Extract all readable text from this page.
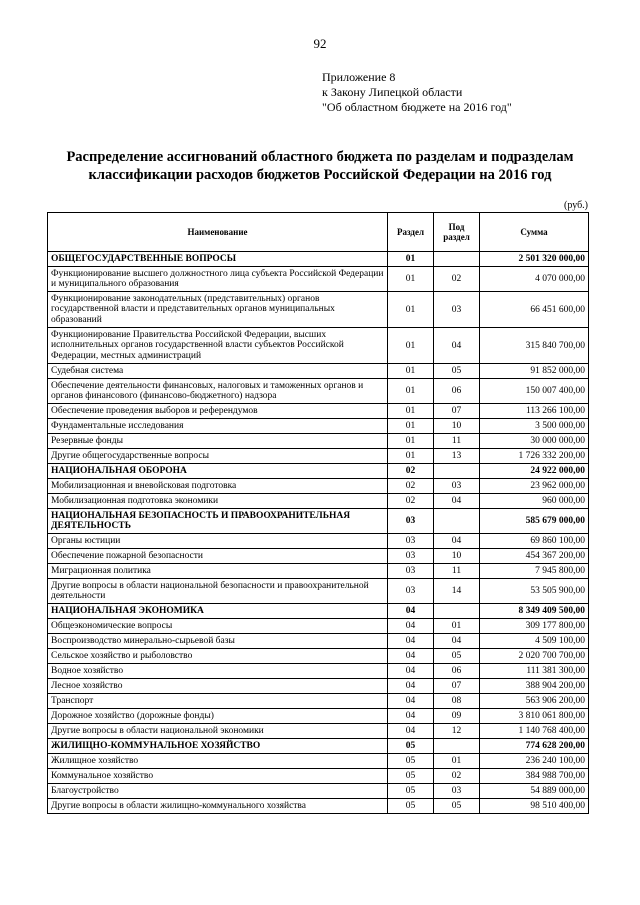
92
Приложение 8
к Закону Липецкой области
"Об областном бюджете на 2016 год"
Распределение ассигнований областного бюджета по разделам и подразделам
классификации расходов бюджетов Российской Федерации на 2016 год
(руб.)
Наименование	Раздел	Под раздел	Сумма
ОБЩЕГОСУДАРСТВЕННЫЕ ВОПРОСЫ	01		2 501 320 000,00
Функционирование высшего должностного лица субъекта Российской Федерации и муниципального образования	01	02	4 070 000,00
Функционирование законодательных (представительных) органов государственной власти и представительных органов муниципальных образований	01	03	66 451 600,00
Функционирование Правительства Российской Федерации, высших исполнительных органов государственной власти субъектов Российской Федерации, местных администраций	01	04	315 840 700,00
Судебная система	01	05	91 852 000,00
Обеспечение деятельности финансовых, налоговых и таможенных органов и органов финансового (финансово-бюджетного) надзора	01	06	150 007 400,00
Обеспечение проведения выборов и референдумов	01	07	113 266 100,00
Фундаментальные исследования	01	10	3 500 000,00
Резервные фонды	01	11	30 000 000,00
Другие общегосударственные вопросы	01	13	1 726 332 200,00
НАЦИОНАЛЬНАЯ ОБОРОНА	02		24 922 000,00
Мобилизационная и вневойсковая подготовка	02	03	23 962 000,00
Мобилизационная подготовка экономики	02	04	960 000,00
НАЦИОНАЛЬНАЯ БЕЗОПАСНОСТЬ И ПРАВООХРАНИТЕЛЬНАЯ ДЕЯТЕЛЬНОСТЬ	03		585 679 000,00
Органы юстиции	03	04	69 860 100,00
Обеспечение пожарной безопасности	03	10	454 367 200,00
Миграционная политика	03	11	7 945 800,00
Другие вопросы в области национальной безопасности и правоохранительной деятельности	03	14	53 505 900,00
НАЦИОНАЛЬНАЯ ЭКОНОМИКА	04		8 349 409 500,00
Общеэкономические вопросы	04	01	309 177 800,00
Воспроизводство минерально-сырьевой базы	04	04	4 509 100,00
Сельское хозяйство и рыболовство	04	05	2 020 700 700,00
Водное хозяйство	04	06	111 381 300,00
Лесное хозяйство	04	07	388 904 200,00
Транспорт	04	08	563 906 200,00
Дорожное хозяйство (дорожные фонды)	04	09	3 810 061 800,00
Другие вопросы в области национальной экономики	04	12	1 140 768 400,00
ЖИЛИЩНО-КОММУНАЛЬНОЕ ХОЗЯЙСТВО	05		774 628 200,00
Жилищное хозяйство	05	01	236 240 100,00
Коммунальное хозяйство	05	02	384 988 700,00
Благоустройство	05	03	54 889 000,00
Другие вопросы в области жилищно-коммунального хозяйства	05	05	98 510 400,00
